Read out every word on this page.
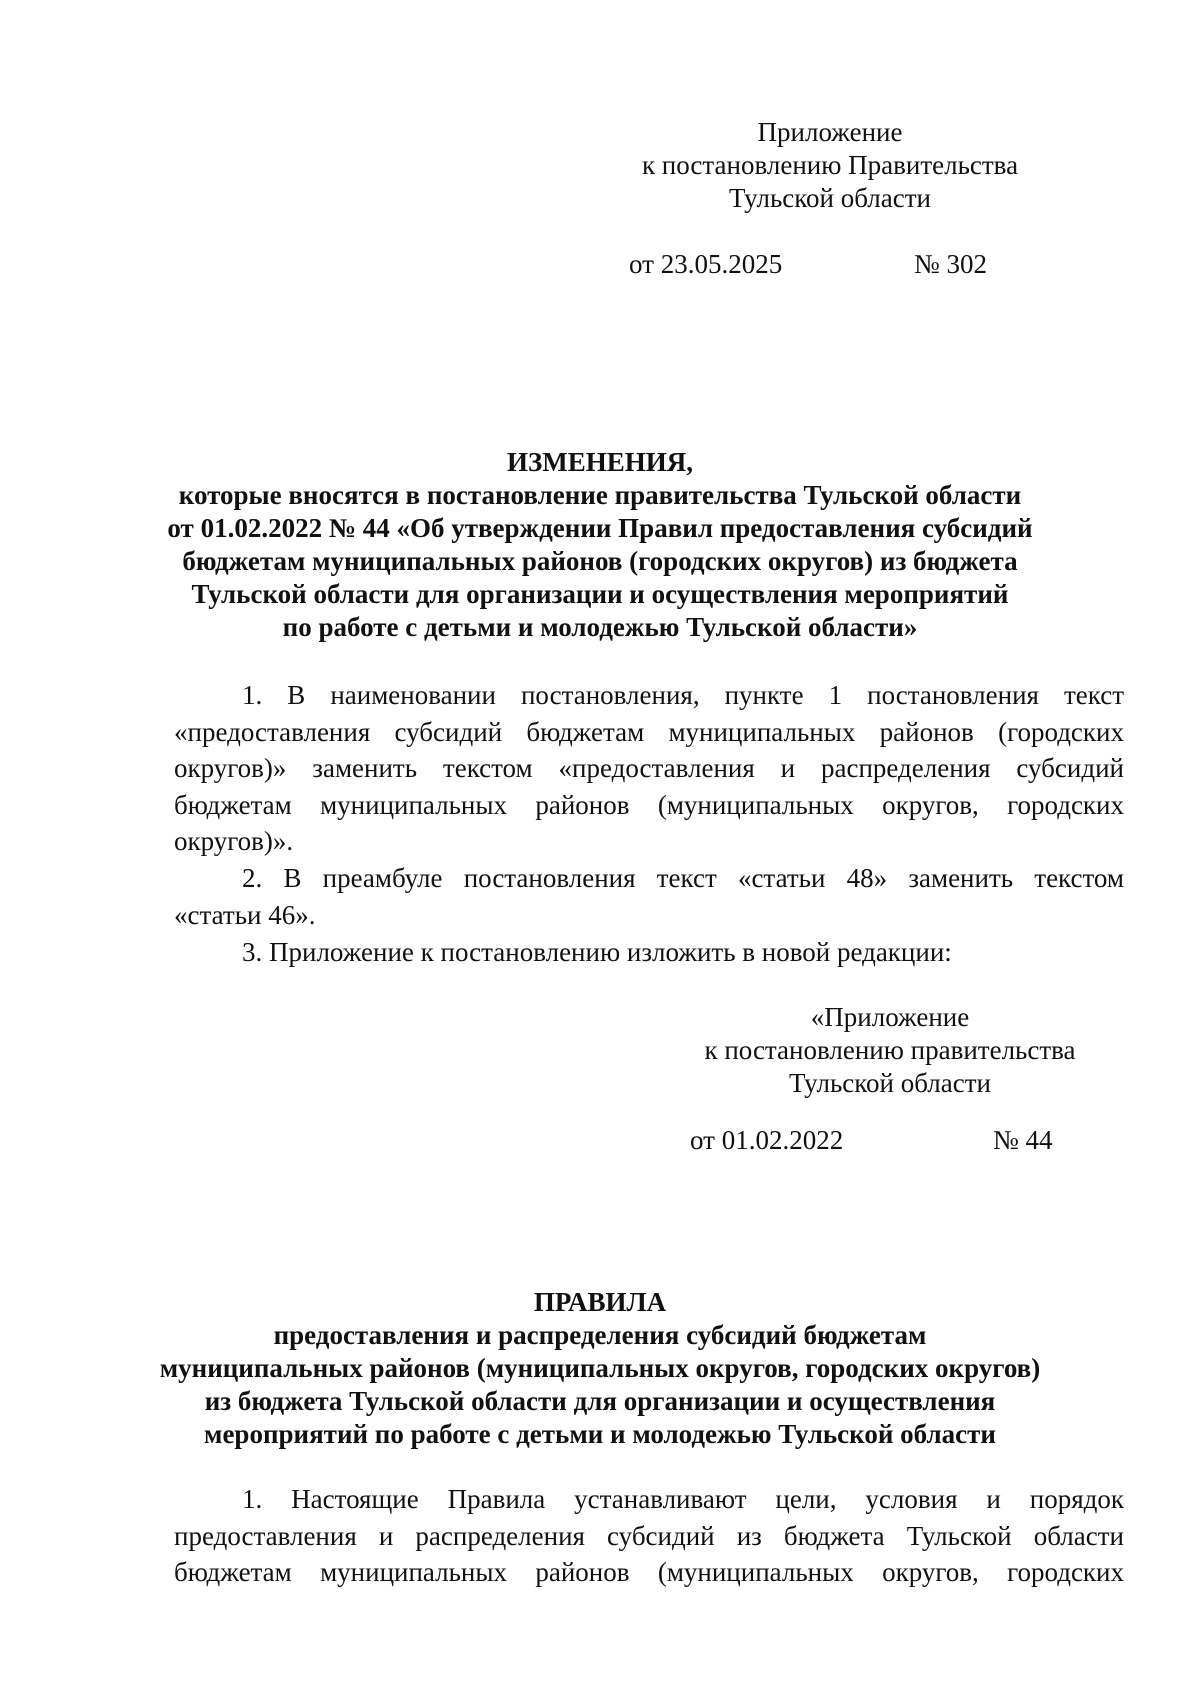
Приложение
к постановлению Правительства
Тульской области
от 23.05.2025	№ 302
ИЗМЕНЕНИЯ,
которые вносятся в постановление правительства Тульской области
от 01.02.2022 № 44 «Об утверждении Правил предоставления субсидий
бюджетам муниципальных районов (городских округов) из бюджета
Тульской области для организации и осуществления мероприятий
по работе с детьми и молодежью Тульской области»
1. В наименовании постановления, пункте 1 постановления текст
«предоставления субсидий бюджетам муниципальных районов (городских
округов)» заменить текстом «предоставления и распределения субсидий
бюджетам муниципальных районов (муниципальных округов, городских
округов)».
2. В преамбуле постановления текст «статьи 48» заменить текстом
«статьи 46».
3. Приложение к постановлению изложить в новой редакции:
«Приложение
к постановлению правительства
Тульской области
от 01.02.2022	№ 44
ПРАВИЛА
предоставления и распределения субсидий бюджетам
муниципальных районов (муниципальных округов, городских округов)
из бюджета Тульской области для организации и осуществления
мероприятий по работе с детьми и молодежью Тульской области
1. Настоящие Правила устанавливают цели, условия и порядок
предоставления и распределения субсидий из бюджета Тульской области
бюджетам муниципальных районов (муниципальных округов, городских
